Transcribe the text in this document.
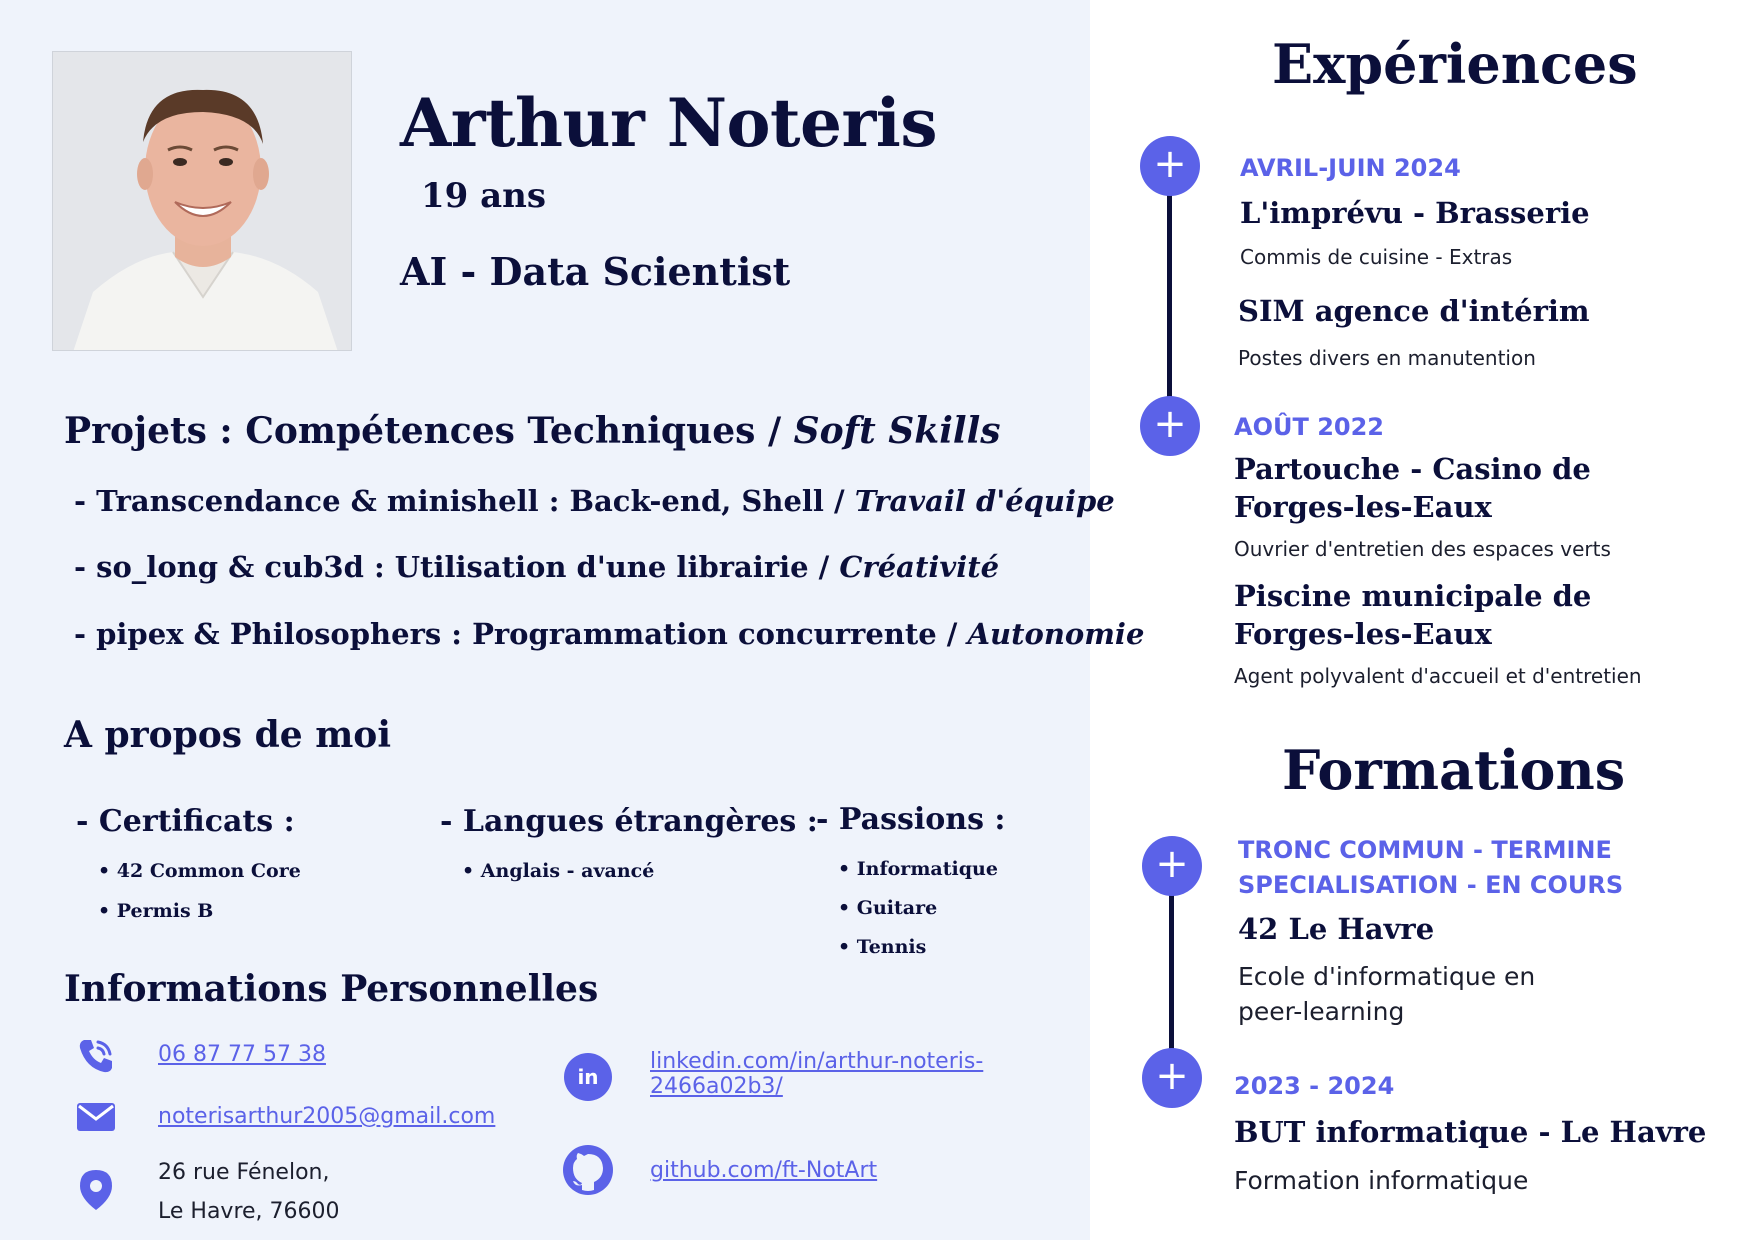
Arthur Noteris
19 ans
AI - Data Scientist
Projets : Compétences Techniques / Soft Skills
- Transcendance & minishell : Back-end, Shell / Travail d'équipe
- so_long & cub3d : Utilisation d'une librairie / Créativité
- pipex & Philosophers : Programmation concurrente / Autonomie
A propos de moi
- Certificats :
• 42 Common Core
• Permis B
- Langues étrangères :
• Anglais - avancé
- Passions :
• Informatique
• Guitare
• Tennis
Informations Personnelles
06 87 77 57 38
noterisarthur2005@gmail.com
26 rue Fénelon,
Le Havre, 76600
in
linkedin.com/in/arthur-noteris-
2466a02b3/
github.com/ft-NotArt
Expériences
+
+
AVRIL-JUIN 2024
L'imprévu - Brasserie
Commis de cuisine - Extras
SIM agence d'intérim
Postes divers en manutention
AOÛT 2022
Partouche - Casino de
Forges-les-Eaux
Ouvrier d'entretien des espaces verts
Piscine municipale de
Forges-les-Eaux
Agent polyvalent d'accueil et d'entretien
Formations
+
+
TRONC COMMUN - TERMINE
SPECIALISATION - EN COURS
42 Le Havre
Ecole d'informatique en
peer-learning
2023 - 2024
BUT informatique - Le Havre
Formation informatique
